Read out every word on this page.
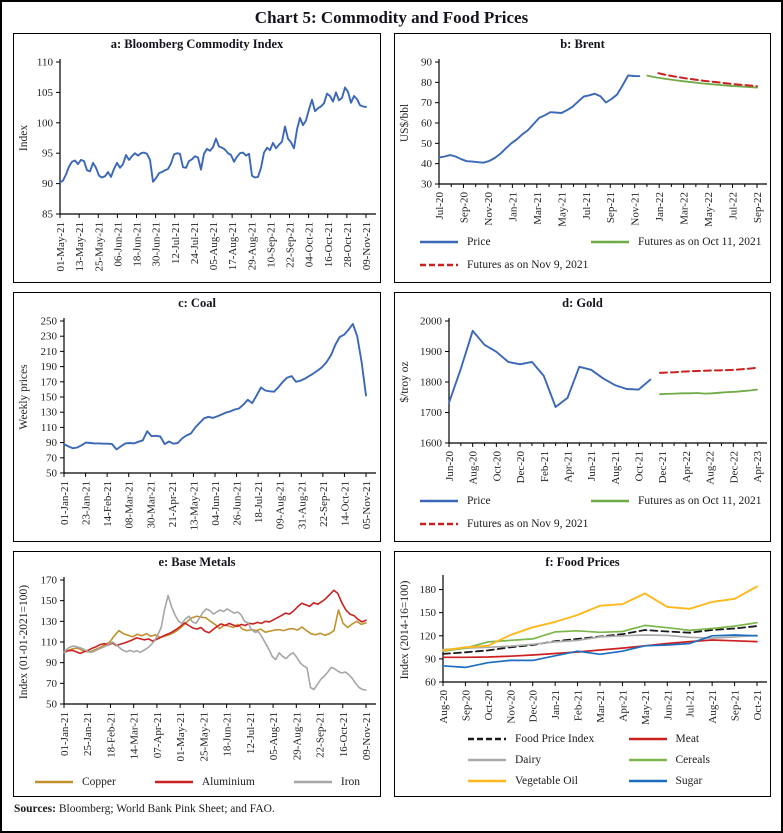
Chart 5: Commodity and Food Prices
a: Bloomberg Commodity Index
85
90
95
100
105
110
Index
01-May-21 13-May-21 25-May-21 06-Jun-21 18-Jun-21 30-Jun-21 12-Jul-21 24-Jul-21 05-Aug-21 17-Aug-21 29-Aug-21 10-Sep-21 22-Sep-21 04-Oct-21 16-Oct-21 28-Oct-21 09-Nov-21
b: Brent
30
40
50
60
70
80
90
US$/bbl
Jul-20 Sep-20 Nov-20 Jan-21 Mar-21 May-21 Jul-21 Sep-21 Nov-21 Jan-22 Mar-22 May-22 Jul-22 Sep-22
Price	Futures as on Oct 11, 2021
Futures as on Nov 9, 2021
c: Coal
50
70
90
110
130
150
170
190
210
230
250
Weekly prices
01-Jan-21 23-Jan-21 14-Feb-21 08-Mar-21 30-Mar-21 21-Apr-21 13-May-21 04-Jun-21 26-Jun-21 18-Jul-21 09-Aug-21 31-Aug-21 22-Sep-21 14-Oct-21 05-Nov-21
d: Gold
1600
1700
1800
1900
2000
$/troy oz
Jun-20 Aug-20 Oct-20 Dec-20 Feb-21 Apr-21 Jun-21 Aug-21 Oct-21 Dec-21 Apr-22 Aug-22 Dec-22 Apr-23
Price	Futures as on Oct 11, 2021
Futures as on Nov 9, 2021
e: Base Metals
50
70
90
110
130
150
170
Index (01-01-2021=100)
01-Jan-21 25-Jan-21 18-Feb-21 14-Mar-21 07-Apr-21 01-May-21 25-May-21 18-Jun-21 12-Jul-21 05-Aug-21 29-Aug-21 22-Sep-21 16-Oct-21 09-Nov-21
Copper	Aluminium	Iron
f: Food Prices
60
90
120
150
180
Index (2014-16=100)
Aug-20 Sep-20 Oct-20 Nov-20 Dec-20 Jan-21 Feb-21 Mar-21 Apr-21 May-21 Jun-21 Jul-21 Aug-21 Sep-21 Oct-21
Food Price Index	Meat
Dairy	Cereals
Vegetable Oil	Sugar
Sources: Bloomberg; World Bank Pink Sheet; and FAO.
